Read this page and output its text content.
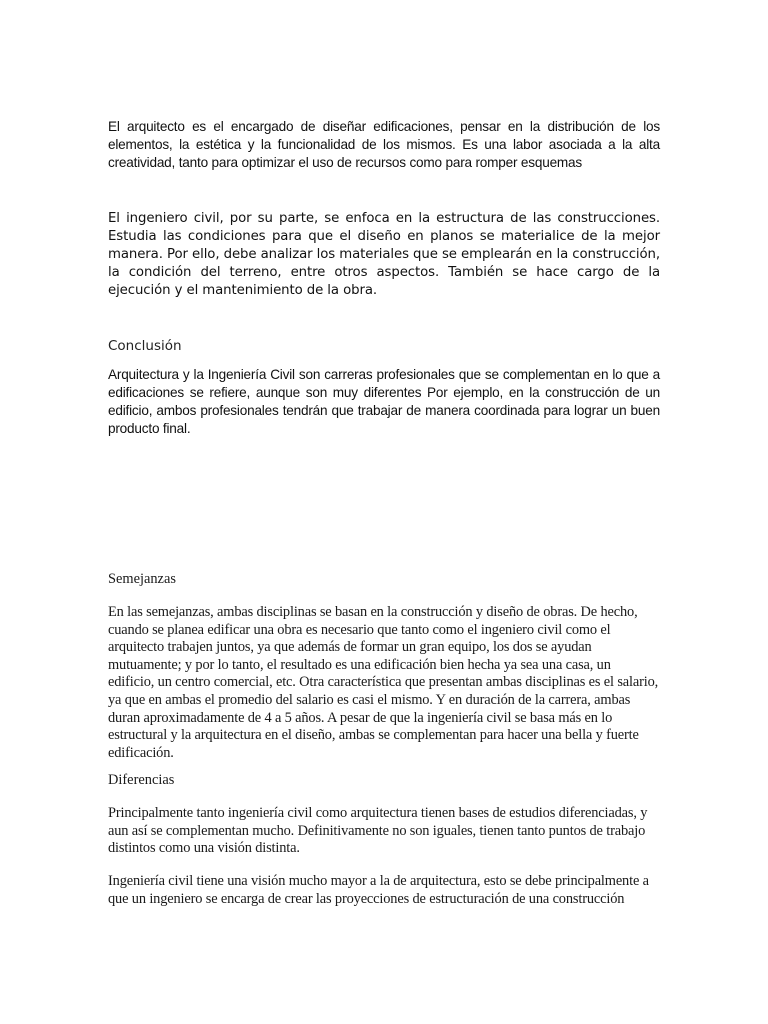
El arquitecto es el encargado de diseñar edificaciones, pensar en la distribución de los elementos, la estética y la funcionalidad de los mismos. Es una labor asociada a la alta creatividad, tanto para optimizar el uso de recursos como para romper esquemas

El ingeniero civil, por su parte, se enfoca en la estructura de las construcciones. Estudia las condiciones para que el diseño en planos se materialice de la mejor manera. Por ello, debe analizar los materiales que se emplearán en la construcción, la condición del terreno, entre otros aspectos. También se hace cargo de la ejecución y el mantenimiento de la obra.

Conclusión

Arquitectura y la Ingeniería Civil son carreras profesionales que se complementan en lo que a edificaciones se refiere, aunque son muy diferentes Por ejemplo, en la construcción de un edificio, ambos profesionales tendrán que trabajar de manera coordinada para lograr un buen producto final.

Semejanzas

En las semejanzas, ambas disciplinas se basan en la construcción y diseño de obras. De hecho, cuando se planea edificar una obra es necesario que tanto como el ingeniero civil como el arquitecto trabajen juntos, ya que además de formar un gran equipo, los dos se ayudan mutuamente; y por lo tanto, el resultado es una edificación bien hecha ya sea una casa, un edificio, un centro comercial, etc. Otra característica que presentan ambas disciplinas es el salario, ya que en ambas el promedio del salario es casi el mismo. Y en duración de la carrera, ambas duran aproximadamente de 4 a 5 años. A pesar de que la ingeniería civil se basa más en lo estructural y la arquitectura en el diseño, ambas se complementan para hacer una bella y fuerte edificación.

Diferencias

Principalmente tanto ingeniería civil como arquitectura tienen bases de estudios diferenciadas, y aun así se complementan mucho. Definitivamente no son iguales, tienen tanto puntos de trabajo distintos como una visión distinta.

Ingeniería civil tiene una visión mucho mayor a la de arquitectura, esto se debe principalmente a que un ingeniero se encarga de crear las proyecciones de estructuración de una construcción
